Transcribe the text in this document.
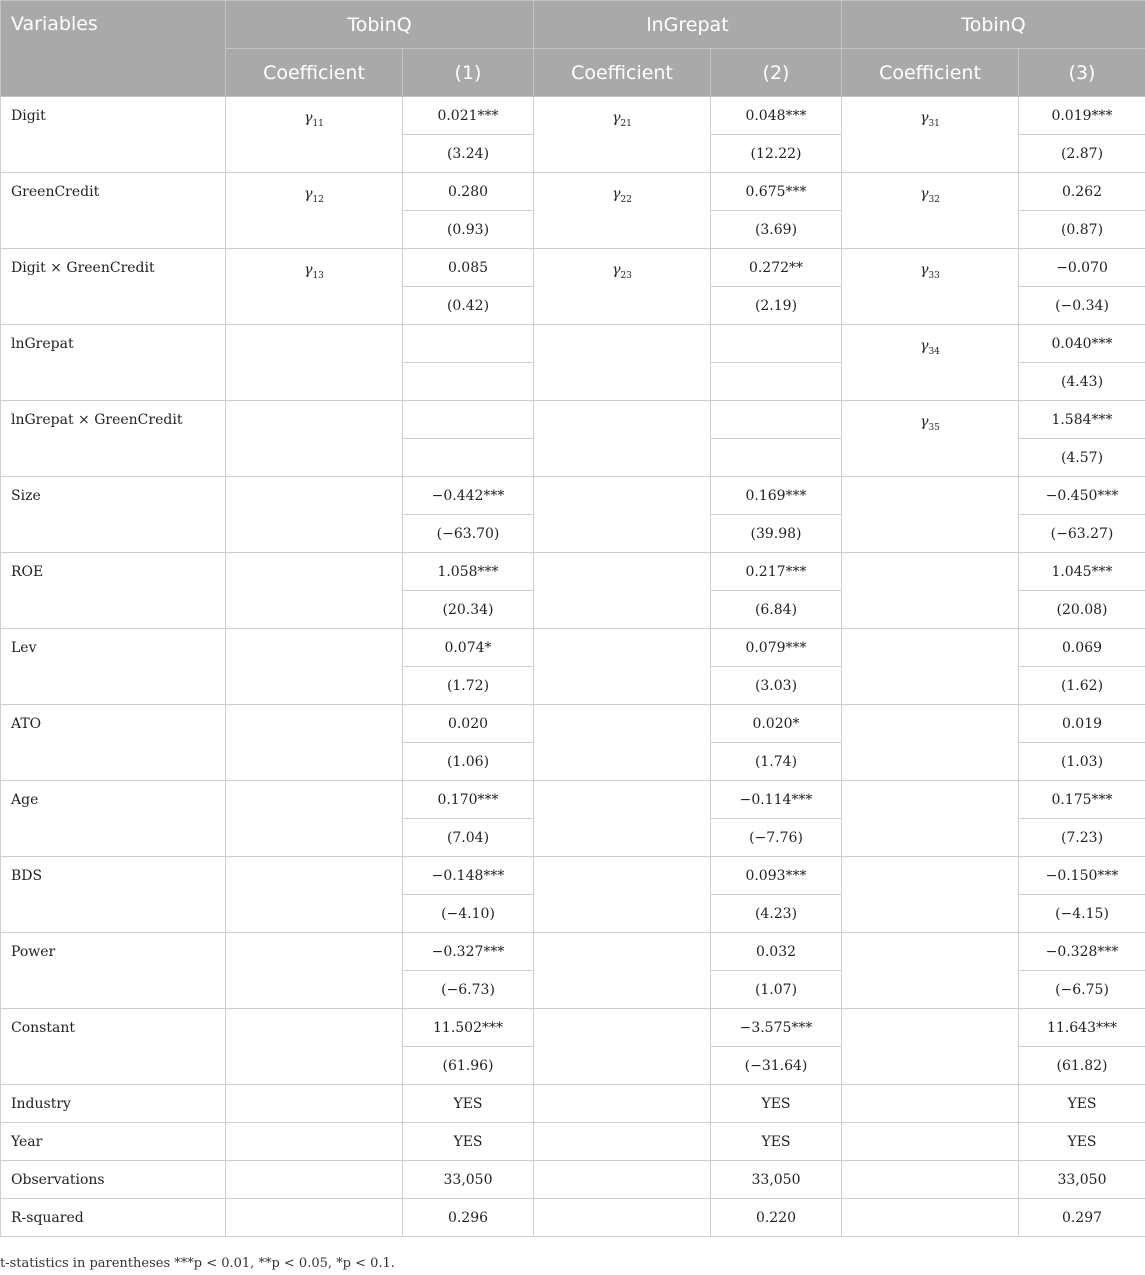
Variables	TobinQ		lnGrepat		TobinQ	
	Coefficient	(1)	Coefficient	(2)	Coefficient	(3)
Digit	$\gamma_{11}$	0.021***	$\gamma_{21}$	0.048***	$\gamma_{31}$	0.019***
		(3.24)		(12.22)		(2.87)
GreenCredit	$\gamma_{12}$	0.280	$\gamma_{22}$	0.675***	$\gamma_{32}$	0.262
		(0.93)		(3.69)		(0.87)
Digit × GreenCredit	$\gamma_{13}$	0.085	$\gamma_{23}$	0.272**	$\gamma_{33}$	−0.070
		(0.42)		(2.19)		(−0.34)
lnGrepat					$\gamma_{34}$	0.040***
						(4.43)
lnGrepat × GreenCredit					$\gamma_{35}$	1.584***
						(4.57)
Size		−0.442***		0.169***		−0.450***
		(−63.70)		(39.98)		(−63.27)
ROE		1.058***		0.217***		1.045***
		(20.34)		(6.84)		(20.08)
Lev		0.074*		0.079***		0.069
		(1.72)		(3.03)		(1.62)
ATO		0.020		0.020*		0.019
		(1.06)		(1.74)		(1.03)
Age		0.170***		−0.114***		0.175***
		(7.04)		(−7.76)		(7.23)
BDS		−0.148***		0.093***		−0.150***
		(−4.10)		(4.23)		(−4.15)
Power		−0.327***		0.032		−0.328***
		(−6.73)		(1.07)		(−6.75)
Constant		11.502***		−3.575***		11.643***
		(61.96)		(−31.64)		(61.82)
Industry		YES		YES		YES
Year		YES		YES		YES
Observations		33,050		33,050		33,050
R-squared		0.296		0.220		0.297
t-statistics in parentheses ***p < 0.01, **p < 0.05, *p < 0.1.
